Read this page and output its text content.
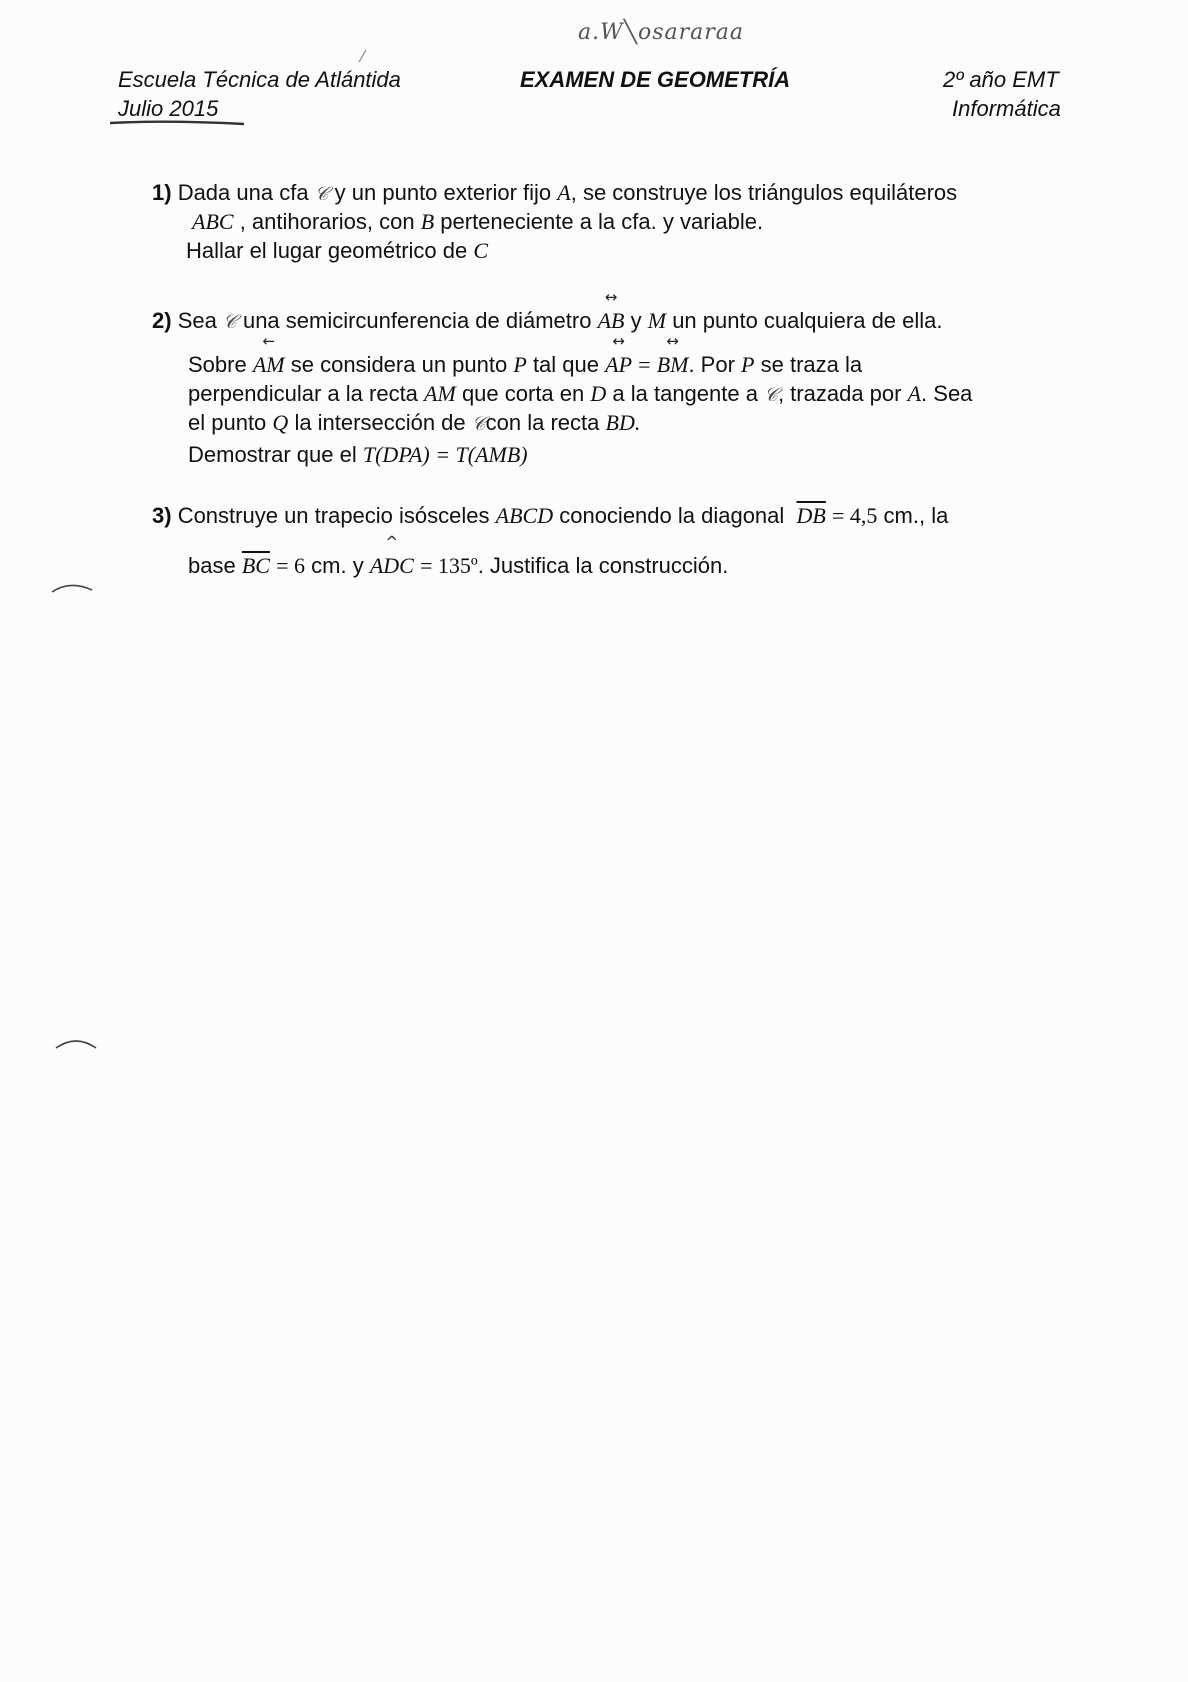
a.W╲osararaa
Escuela Técnica de Atlántida
Julio 2015
EXAMEN DE GEOMETRÍA	2º año EMT
Informática
1) Dada una cfa 𝒞 y un punto exterior fijo A, se construye los triángulos equiláteros
ABC , antihorarios, con B perteneciente a la cfa. y variable.
Hallar el lugar geométrico de C
2) Sea 𝒞 una semicircunferencia de diámetro
↔
AB y M un punto cualquiera de ella.
Sobre
←
AM se considera un punto P tal que
↔
AP =
↔
BM. Por P se traza la
perpendicular a la recta AM que corta en D a la tangente a 𝒞, trazada por A. Sea
el punto Q la intersección de 𝒞con la recta BD.
Demostrar que el T(DPA) = T(AMB)
3) Construye un trapecio isósceles ABCD conociendo la diagonal $\overline{DB} = 4,5$ cm., la
base $\overline{BC} = 6$ cm. y
^
ADC = 135º. Justifica la construcción.
